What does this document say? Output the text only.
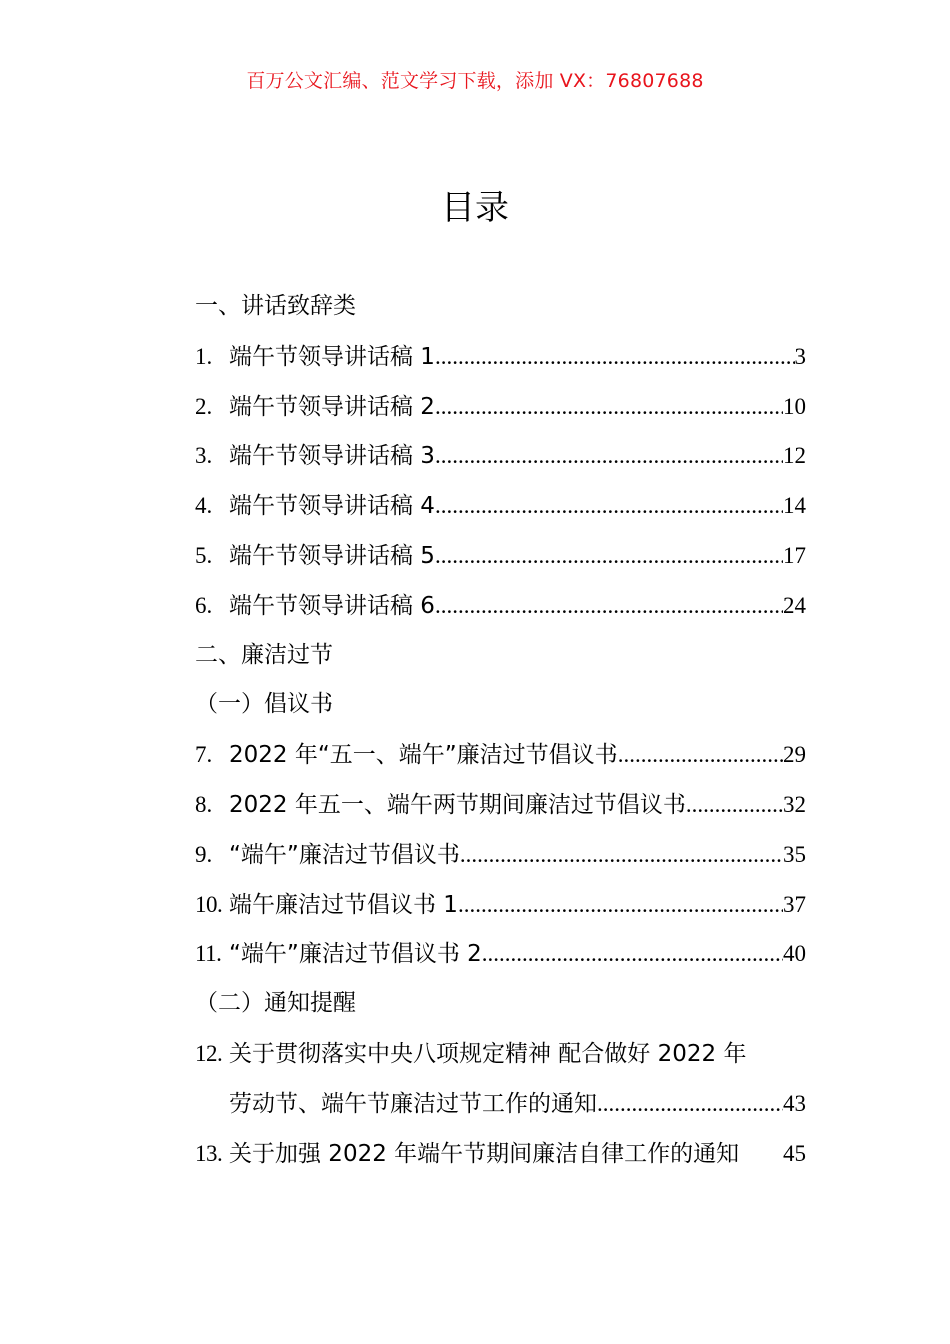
百万公文汇编、范文学习下载，添加 VX：76807688
目录
一、讲话致辞类
1. 端午节领导讲话稿 1 .....	3
2. 端午节领导讲话稿 2 .....	10
3. 端午节领导讲话稿 3 .....	12
4. 端午节领导讲话稿 4 .....	14
5. 端午节领导讲话稿 5 .....	17
6. 端午节领导讲话稿 6 .....	24
二、廉洁过节
（一）倡议书
7. 2022 年“五一、端午”廉洁过节倡议书 .....	29
8. 2022 年五一、端午两节期间廉洁过节倡议书 .....	32
9. “端午”廉洁过节倡议书 .....	35
10. 端午廉洁过节倡议书 1 .....	37
11. “端午”廉洁过节倡议书 2 .....	40
（二）通知提醒
12. 关于贯彻落实中央八项规定精神 配合做好 2022 年
劳动节、端午节廉洁过节工作的通知 .....	43
13. 关于加强 2022 年端午节期间廉洁自律工作的通知 45
